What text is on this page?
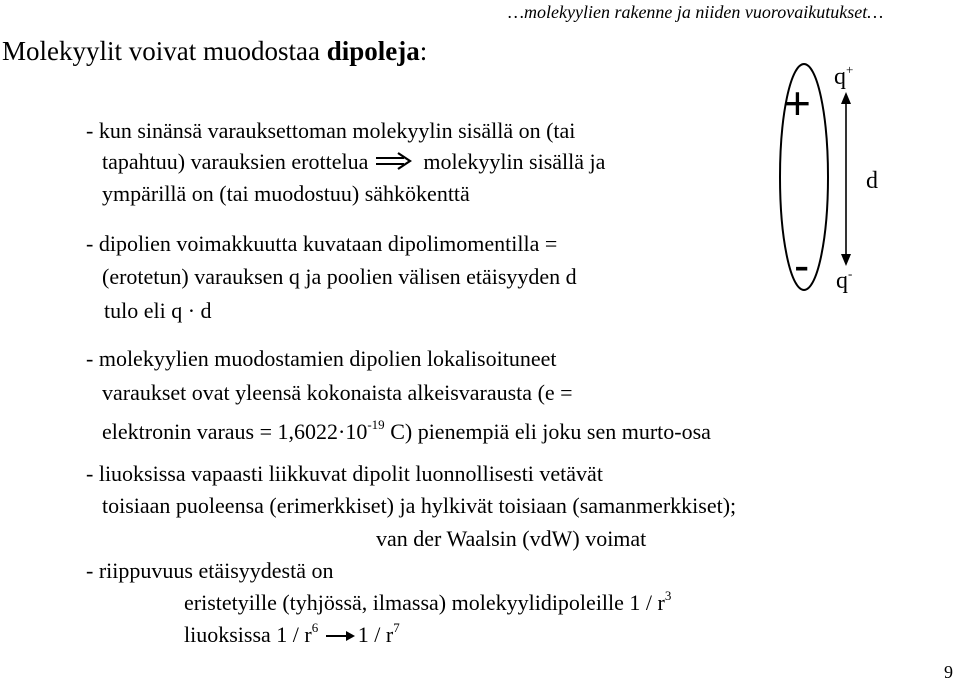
…molekyylien rakenne ja niiden vuorovaikutukset…
Molekyylit voivat muodostaa dipoleja:
- kun sinänsä varauksettoman molekyylin sisällä on (tai
tapahtuu) varauksien erottelua	molekyylin sisällä ja
ympärillä on (tai muodostuu) sähkökenttä
- dipolien voimakkuutta kuvataan dipolimomentilla =
(erotetun) varauksen q ja poolien välisen etäisyyden d
tulo eli q · d
- molekyylien muodostamien dipolien lokalisoituneet
varaukset ovat yleensä kokonaista alkeisvarausta (e =
elektronin varaus = $1,6022\cdot 10^{-19}$ C) pienempiä eli joku sen murto-osa
- liuoksissa vapaasti liikkuvat dipolit luonnollisesti vetävät
toisiaan puoleensa (erimerkkiset) ja hylkivät toisiaan (samanmerkkiset);
van der Waalsin (vdW) voimat
- riippuvuus etäisyydestä on
eristetyille (tyhjössä, ilmassa) molekyylidipoleille $1 / r^3$
liuoksissa $1 / r^6$ $1 / r^7$
+
-
q+
d
q-
9
